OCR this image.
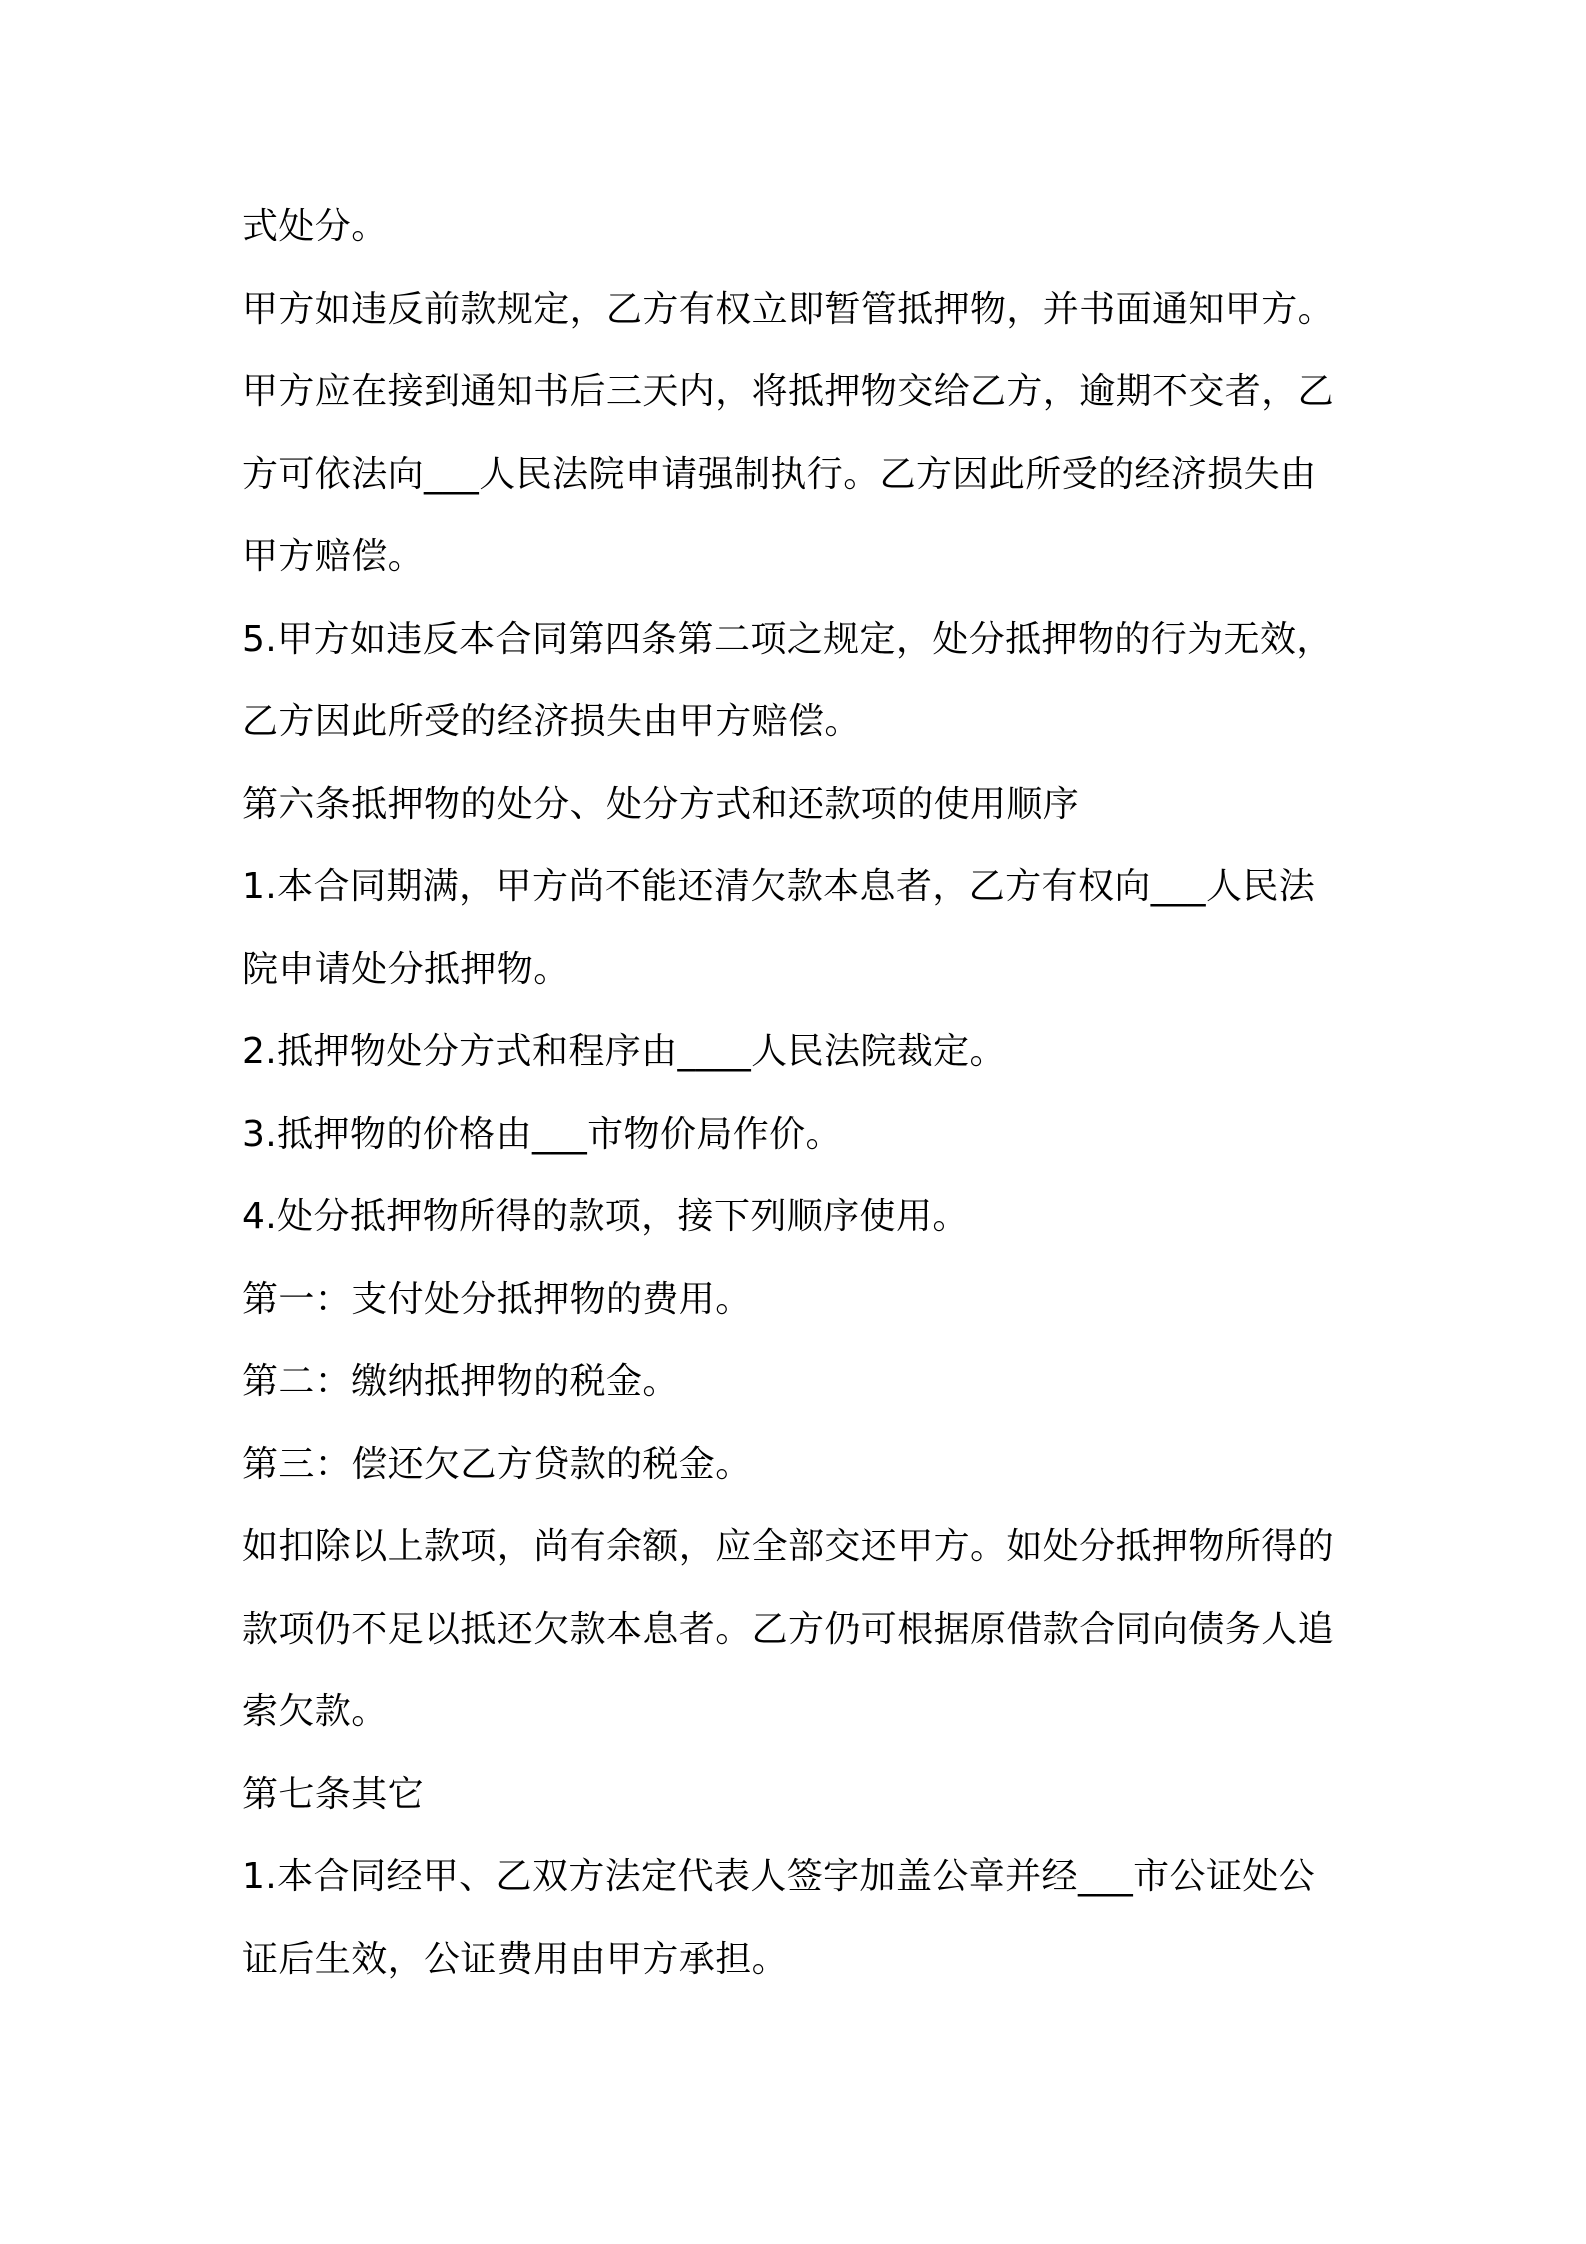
式处分。
甲方如违反前款规定，乙方有权立即暂管抵押物，并书面通知甲方。
甲方应在接到通知书后三天内，将抵押物交给乙方，逾期不交者，乙
方可依法向___人民法院申请强制执行。乙方因此所受的经济损失由
甲方赔偿。
5.甲方如违反本合同第四条第二项之规定，处分抵押物的行为无效，
乙方因此所受的经济损失由甲方赔偿。
第六条抵押物的处分、处分方式和还款项的使用顺序
1.本合同期满，甲方尚不能还清欠款本息者，乙方有权向___人民法
院申请处分抵押物。
2.抵押物处分方式和程序由____人民法院裁定。
3.抵押物的价格由___市物价局作价。
4.处分抵押物所得的款项，接下列顺序使用。
第一：支付处分抵押物的费用。
第二：缴纳抵押物的税金。
第三：偿还欠乙方贷款的税金。
如扣除以上款项，尚有余额，应全部交还甲方。如处分抵押物所得的
款项仍不足以抵还欠款本息者。乙方仍可根据原借款合同向债务人追
索欠款。
第七条其它
1.本合同经甲、乙双方法定代表人签字加盖公章并经___市公证处公
证后生效，公证费用由甲方承担。
